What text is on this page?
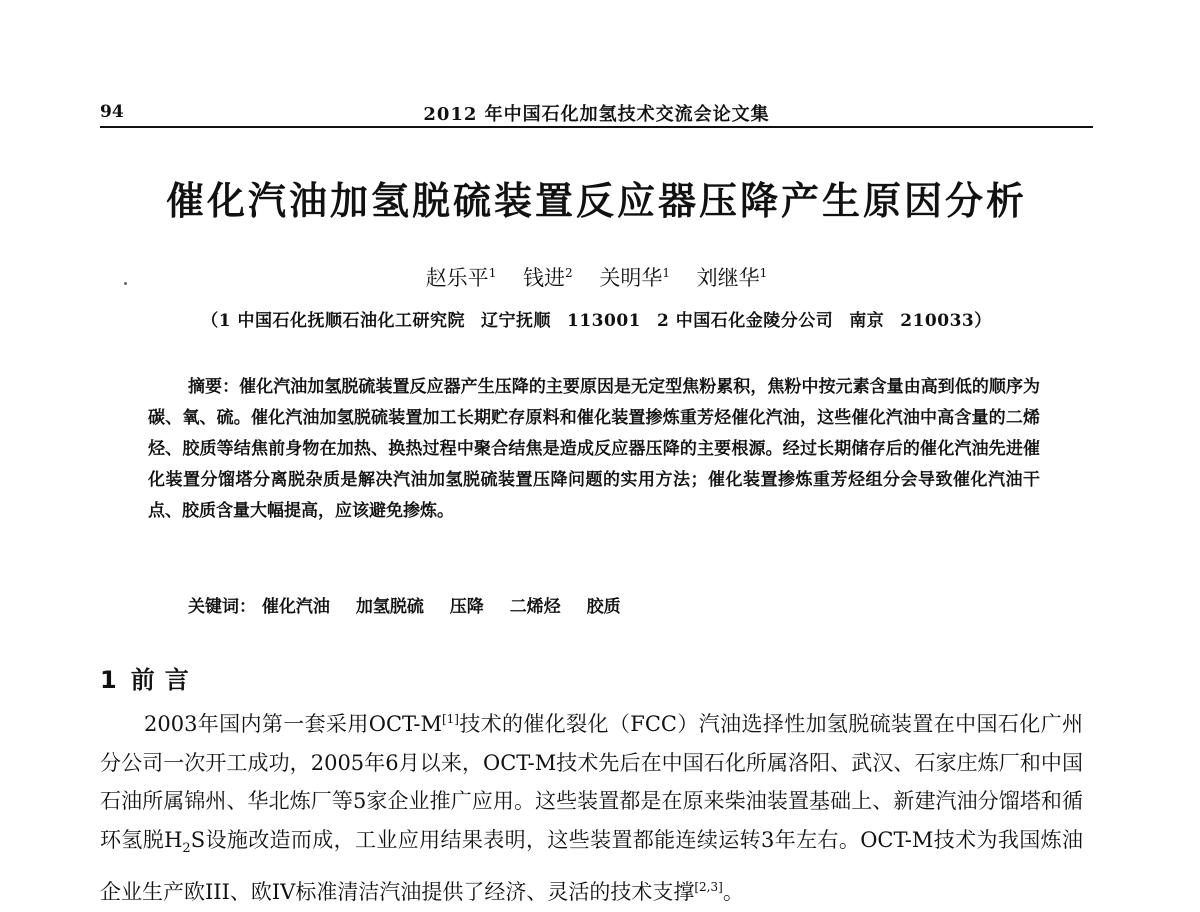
94	2012 年中国石化加氢技术交流会论文集
催化汽油加氢脱硫装置反应器压降产生原因分析
赵乐平$^1$ 钱进$^2$ 关明华$^1$ 刘继华$^1$
（1 中国石化抚顺石油化工研究院 辽宁抚顺 113001 2 中国石化金陵分公司 南京 210033）
摘要：催化汽油加氢脱硫装置反应器产生压降的主要原因是无定型焦粉累积，焦粉中按元素含量由高到低的顺序为碳、氧、硫。催化汽油加氢脱硫装置加工长期贮存原料和催化装置掺炼重芳烃催化汽油，这些催化汽油中高含量的二烯烃、胶质等结焦前身物在加热、换热过程中聚合结焦是造成反应器压降的主要根源。经过长期储存后的催化汽油先进催化装置分馏塔分离脱杂质是解决汽油加氢脱硫装置压降问题的实用方法；催化装置掺炼重芳烃组分会导致催化汽油干点、胶质含量大幅提高，应该避免掺炼。
关键词： 催化汽油 加氢脱硫 压降 二烯烃 胶质
1 前言
2003年国内第一套采用OCT-M[1]技术的催化裂化（FCC）汽油选择性加氢脱硫装置在中国石化广州分公司一次开工成功，2005年6月以来，OCT-M技术先后在中国石化所属洛阳、武汉、石家庄炼厂和中国石油所属锦州、华北炼厂等5家企业推广应用。这些装置都是在原来柴油装置基础上、新建汽油分馏塔和循环氢脱$H_2S$设施改造而成，工业应用结果表明，这些装置都能连续运转3年左右。OCT-M技术为我国炼油企业生产欧III、欧IV标准清洁汽油提供了经济、灵活的技术支撑[2,3]。
